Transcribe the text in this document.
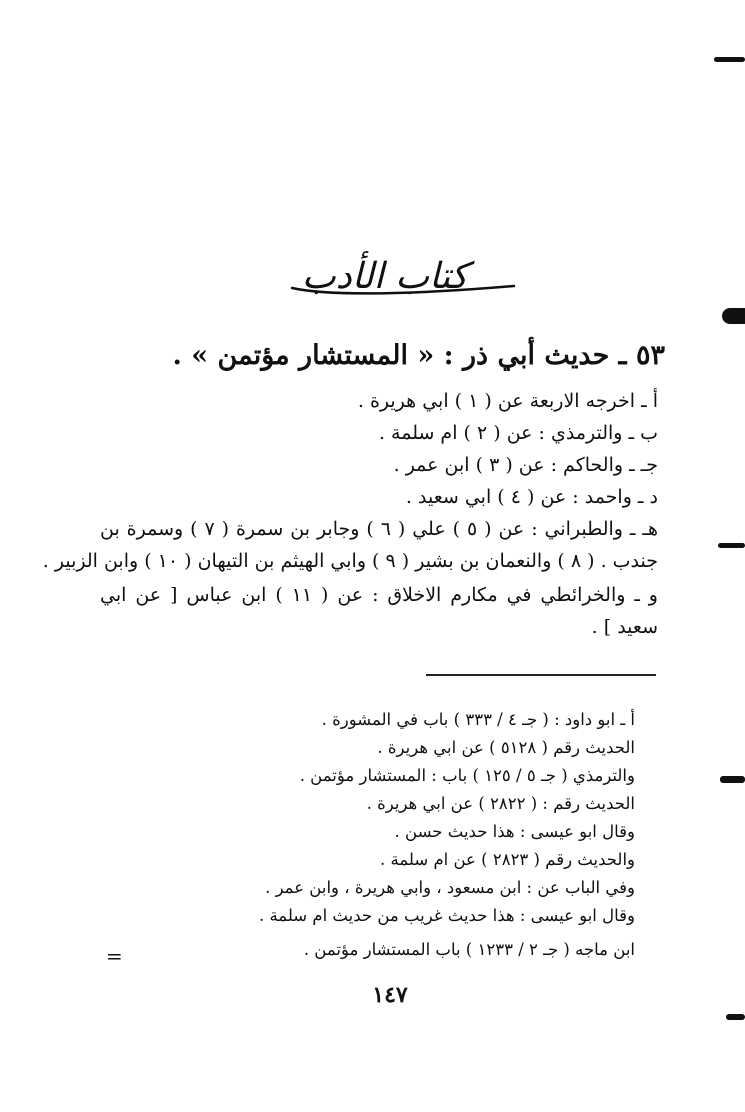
كتاب الأدب
٥٣ ـ حديث أبي ذر : « المستشار مؤتمن » .
أ ـ اخرجه الاربعة عن ( ١ ) ابي هريرة .
ب ـ والترمذي : عن ( ٢ ) ام سلمة .
جـ ـ والحاكم : عن ( ٣ ) ابن عمر .
د ـ واحمد : عن ( ٤ ) ابي سعيد .
هـ ـ والطبراني : عن ( ٥ ) علي ( ٦ ) وجابر بن سمرة ( ٧ ) وسمرة بن
جندب . ( ٨ ) والنعمان بن بشير ( ٩ ) وابي الهيثم بن التيهان ( ١٠ ) وابن الزبير .
و ـ والخرائطي في مكارم الاخلاق : عن ( ١١ ) ابن عباس [ عن ابي
سعيد ] .
أ ـ ابو داود : ( جـ ٤ / ٣٣٣ ) باب في المشورة .
الحديث رقم ( ٥١٢٨ ) عن ابي هريرة .
والترمذي ( جـ ٥ / ١٢٥ ) باب : المستشار مؤتمن .
الحديث رقم : ( ٢٨٢٢ ) عن ابي هريرة .
وقال ابو عيسى : هذا حديث حسن .
والحديث رقم ( ٢٨٢٣ ) عن ام سلمة .
وفي الباب عن : ابن مسعود ، وابي هريرة ، وابن عمر .
وقال ابو عيسى : هذا حديث غريب من حديث ام سلمة .
ابن ماجه ( جـ ٢ / ١٢٣٣ ) باب المستشار مؤتمن .
=
١٤٧
